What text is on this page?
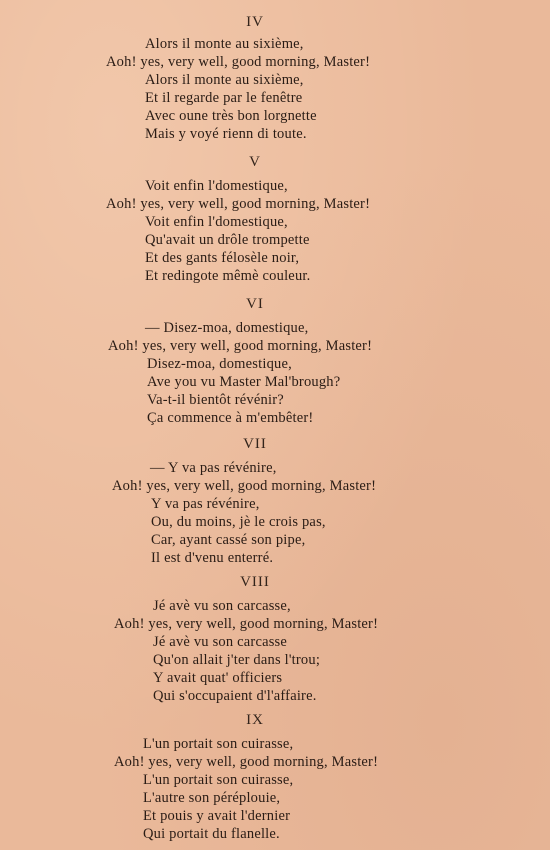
IV
Alors il monte au sixième,
Aoh! yes, very well, good morning, Master!
Alors il monte au sixième,
Et il regarde par le fenêtre
Avec oune très bon lorgnette
Mais y voyé rienn di toute.
V
Voit enfin l'domestique,
Aoh! yes, very well, good morning, Master!
Voit enfin l'domestique,
Qu'avait un drôle trompette
Et des gants félosèle noir,
Et redingote mêmè couleur.
VI
— Disez-moa, domestique,
Aoh! yes, very well, good morning, Master!
Disez-moa, domestique,
Ave you vu Master Mal'brough?
Va-t-il bientôt révénir?
Ça commence à m'embêter!
VII
— Y va pas révénire,
Aoh! yes, very well, good morning, Master!
Y va pas révénire,
Ou, du moins, jè le crois pas,
Car, ayant cassé son pipe,
Il est d'venu enterré.
VIII
Jé avè vu son carcasse,
Aoh! yes, very well, good morning, Master!
Jé avè vu son carcasse
Qu'on allait j'ter dans l'trou;
Y avait quat' officiers
Qui s'occupaient d'l'affaire.
IX
L'un portait son cuirasse,
Aoh! yes, very well, good morning, Master!
L'un portait son cuirasse,
L'autre son péréplouie,
Et pouis y avait l'dernier
Qui portait du flanelle.
